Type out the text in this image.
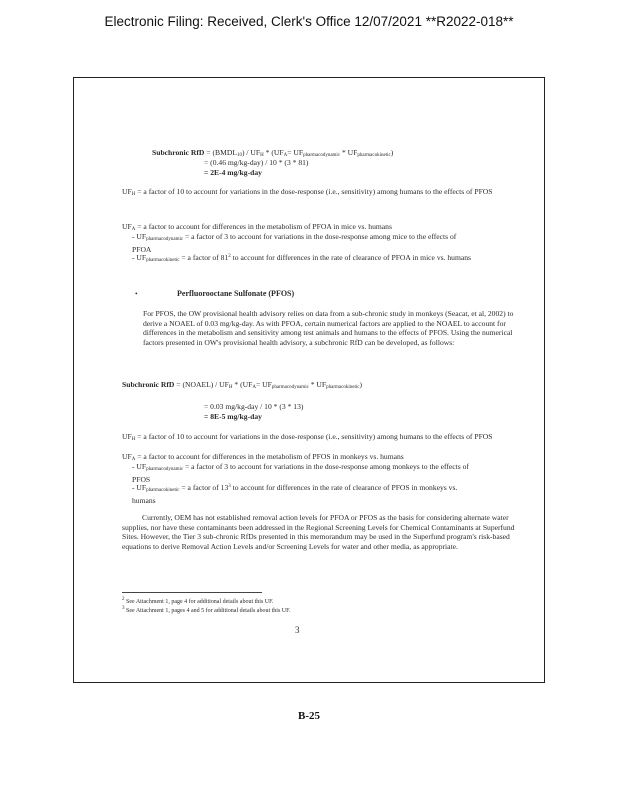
Electronic Filing: Received, Clerk's Office 12/07/2021 **R2022-018**
Subchronic RfD = $(BMDL_{10}) / UF_H * (UF_A= UF_{pharmacodynamic} * UF_{pharmacokinetic})$
= (0.46 mg/kg-day) / 10 * (3 * 81)
= 2E-4 mg/kg-day
$UF_H = a$ factor of 10 to account for variations in the dose-response (i.e., sensitivity) among humans to the effects of PFOS
$UF_A = a$ factor to account for differences in the metabolism of PFOA in mice vs. humans
- $UF_{pharmacodynamic} = a$ factor of 3 to account for variations in the dose-response among mice to the effects of PFOA
- $UF_{pharmacokinetic} = a$ factor of $81^2$ to account for differences in the rate of clearance of PFOA in mice vs. humans
•	Perfluorooctane Sulfonate (PFOS)
For PFOS, the OW provisional health advisory relies on data from a sub-chronic study in monkeys (Seacat, et al, 2002) to derive a NOAEL of 0.03 mg/kg-day. As with PFOA, certain numerical factors are applied to the NOAEL to account for differences in the metabolism and sensitivity among test animals and humans to the effects of PFOS. Using the numerical factors presented in OW's provisional health advisory, a subchronic RfD can be developed, as follows:
Subchronic RfD = (NOAEL) / $UF_H * (UF_A= UF_{pharmacodynamic} * UF_{pharmacokinetic})$
= 0.03 mg/kg-day / 10 * (3 * 13)
= 8E-5 mg/kg-day
$UF_H = a$ factor of 10 to account for variations in the dose-response (i.e., sensitivity) among humans to the effects of PFOS
$UF_A = a$ factor to account for differences in the metabolism of PFOS in monkeys vs. humans
- $UF_{pharmacodynamic} = a$ factor of 3 to account for variations in the dose-response among monkeys to the effects of PFOS
- $UF_{pharmacokinetic} = a$ factor of $13^3$ to account for differences in the rate of clearance of PFOS in monkeys vs. humans
Currently, OEM has not established removal action levels for PFOA or PFOS as the basis for considering alternate water supplies, nor have these contaminants been addressed in the Regional Screening Levels for Chemical Contaminants at Superfund Sites. However, the Tier 3 sub-chronic RfDs presented in this memorandum may be used in the Superfund program's risk-based equations to derive Removal Action Levels and/or Screening Levels for water and other media, as appropriate.
$^2$ See Attachment 1, page 4 for additional details about this UF.
$^3$ See Attachment 1, pages 4 and 5 for additional details about this UF.
3
B-25
